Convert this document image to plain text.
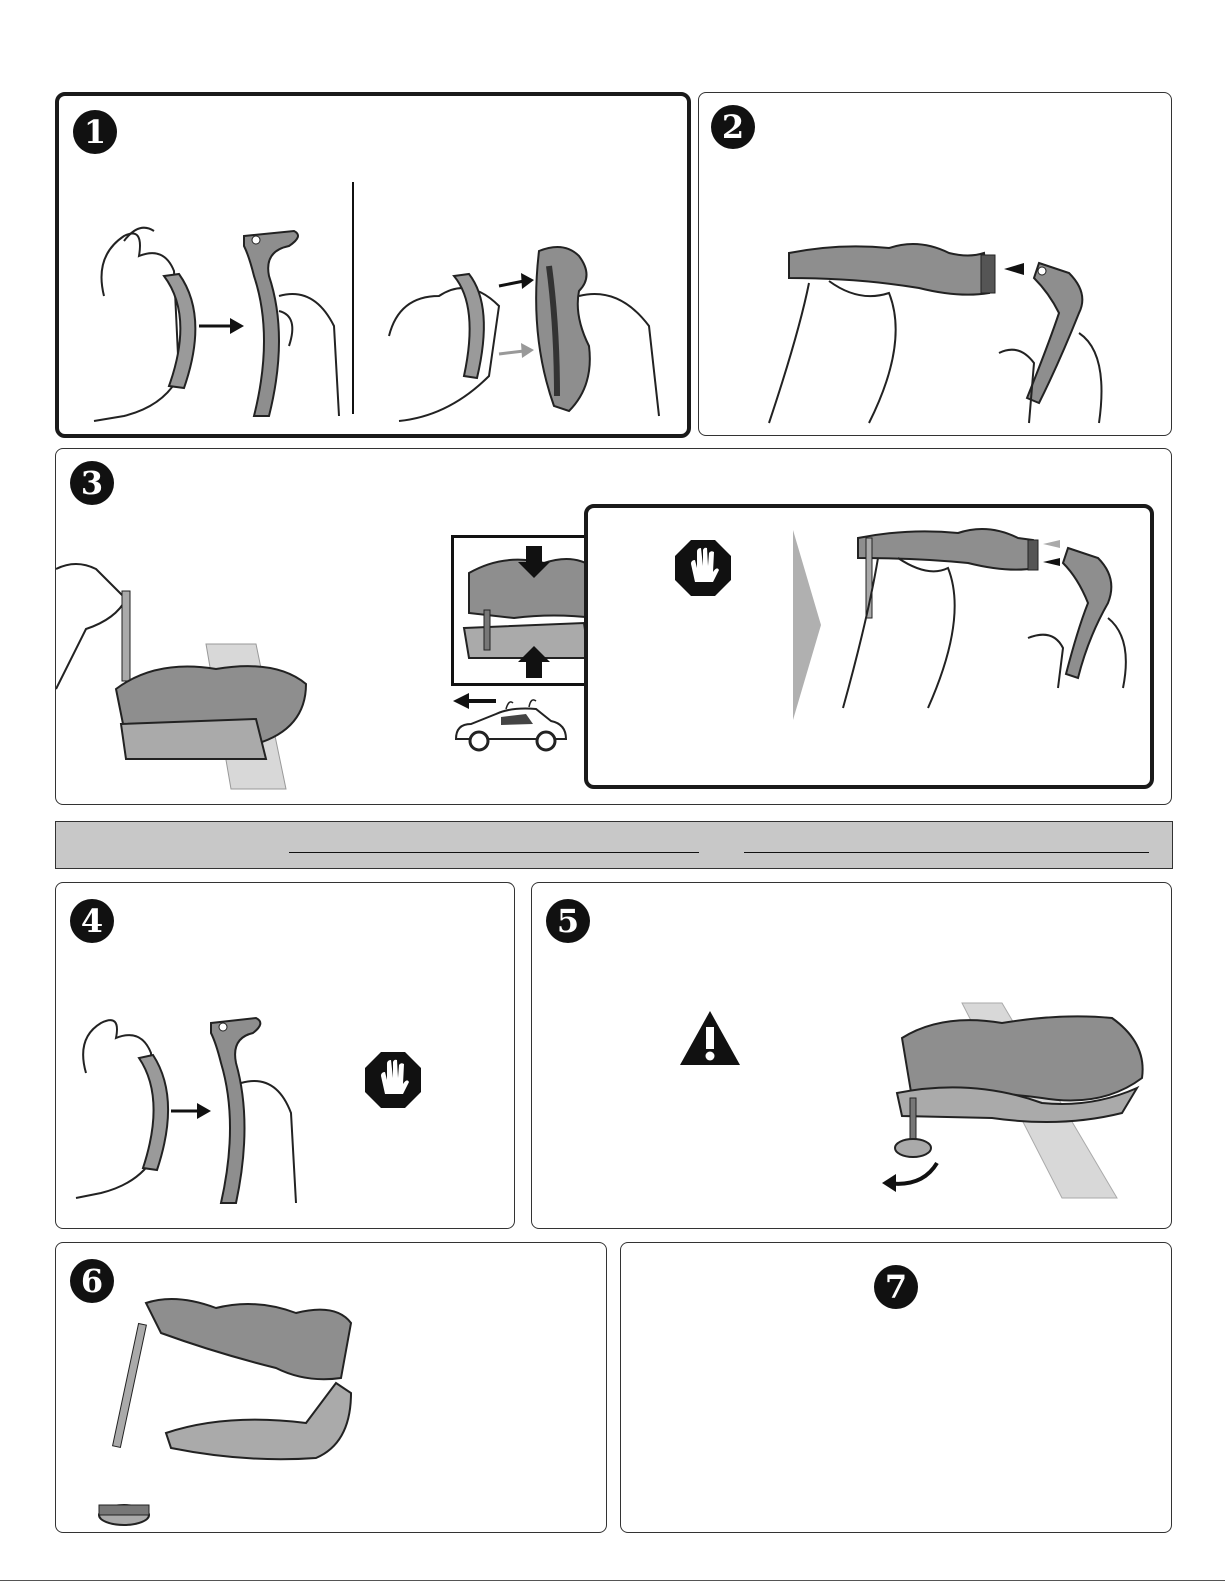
1	2
3
4	5
6	7
